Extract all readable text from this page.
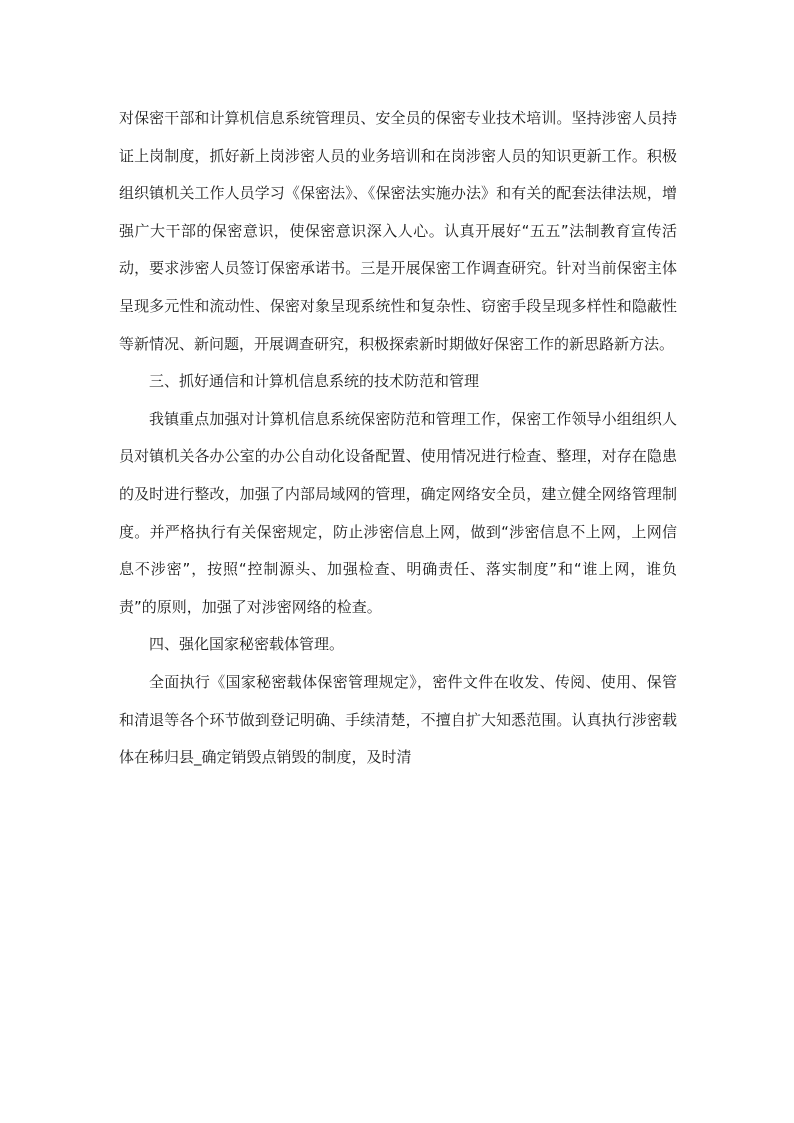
对保密干部和计算机信息系统管理员、安全员的保密专业技术培训。坚持涉密人员持证上岗制度，抓好新上岗涉密人员的业务培训和在岗涉密人员的知识更新工作。积极组织镇机关工作人员学习《保密法》、《保密法实施办法》和有关的配套法律法规，增强广大干部的保密意识，使保密意识深入人心。认真开展好“五五”法制教育宣传活动，要求涉密人员签订保密承诺书。三是开展保密工作调查研究。针对当前保密主体呈现多元性和流动性、保密对象呈现系统性和复杂性、窃密手段呈现多样性和隐蔽性等新情况、新问题，开展调查研究，积极探索新时期做好保密工作的新思路新方法。

三、抓好通信和计算机信息系统的技术防范和管理

我镇重点加强对计算机信息系统保密防范和管理工作，保密工作领导小组组织人员对镇机关各办公室的办公自动化设备配置、使用情况进行检查、整理，对存在隐患的及时进行整改，加强了内部局域网的管理，确定网络安全员，建立健全网络管理制度。并严格执行有关保密规定，防止涉密信息上网，做到“涉密信息不上网，上网信息不涉密”，按照“控制源头、加强检查、明确责任、落实制度”和“谁上网，谁负责”的原则，加强了对涉密网络的检查。

四、强化国家秘密载体管理。

全面执行《国家秘密载体保密管理规定》，密件文件在收发、传阅、使用、保管和清退等各个环节做到登记明确、手续清楚，不擅自扩大知悉范围。认真执行涉密载体在秭归县_确定销毁点销毁的制度，及时清
